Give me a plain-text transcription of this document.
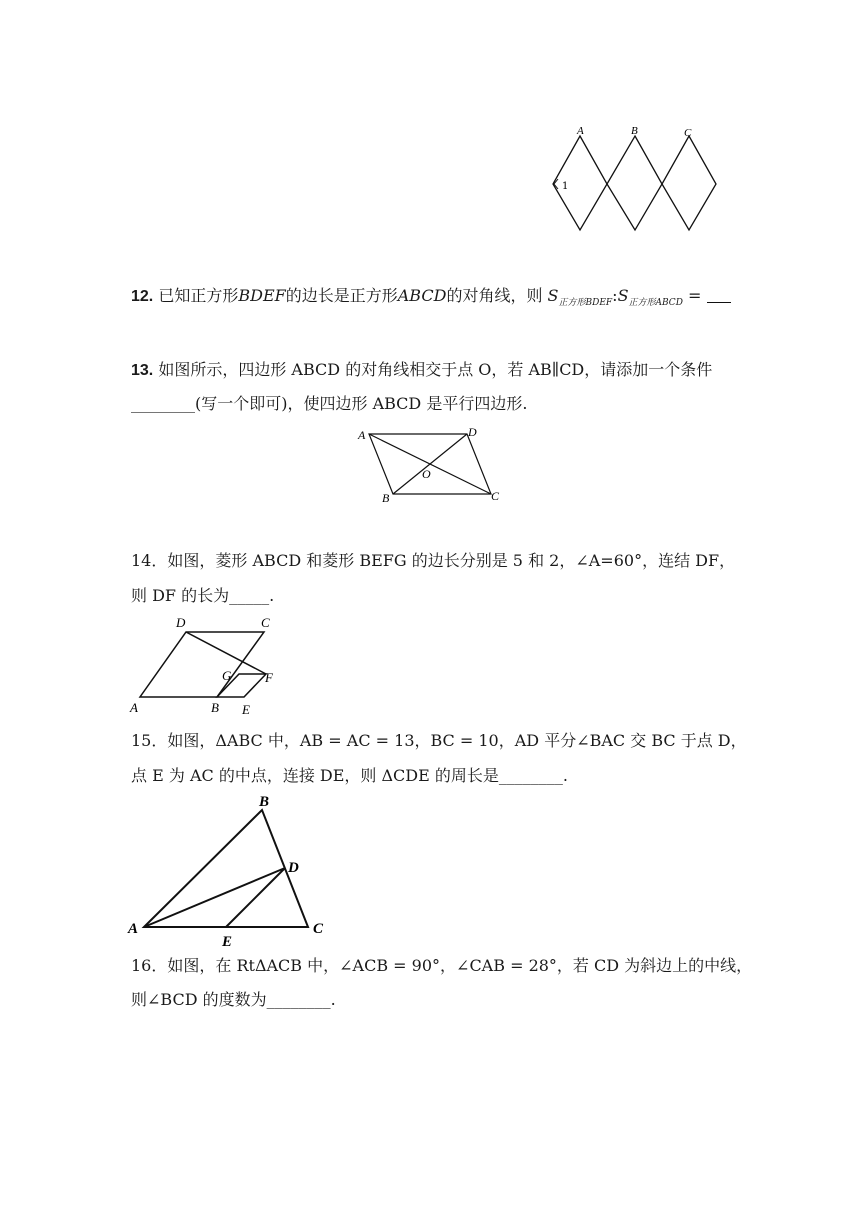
A	B	C
1
12. 已知正方形BDEF的边长是正方形ABCD的对角线，则 $S_{正方形BDEF}:S_{正方形ABCD}$ =
13. 如图所示，四边形 ABCD 的对角线相交于点 O，若 AB∥CD，请添加一个条件
________(写一个即可)，使四边形 ABCD 是平行四边形.
A	D
O
B	C
14．如图，菱形 ABCD 和菱形 BEFG 的边长分别是 5 和 2，∠A=60°，连结 DF，
则 DF 的长为_____.
D	C
G	F
A	B E
15．如图，ΔABC 中，AB = AC = 13，BC = 10，AD 平分∠BAC 交 BC 于点 D，
点 E 为 AC 的中点，连接 DE，则 ΔCDE 的周长是________.
B
D
A	C
E
16．如图，在 RtΔACB 中，∠ACB = 90°，∠CAB = 28°，若 CD 为斜边上的中线，
则∠BCD 的度数为________.
